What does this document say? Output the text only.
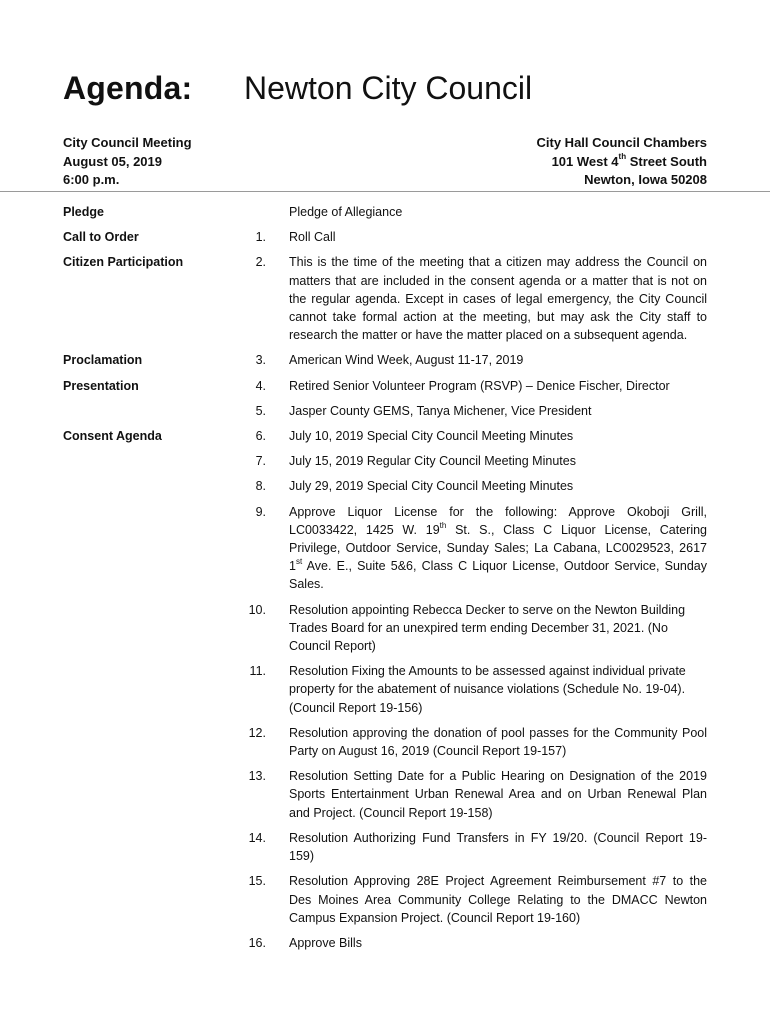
Agenda: Newton City Council
City Council Meeting
August 05, 2019
6:00 p.m.
City Hall Council Chambers
101 West 4th Street South
Newton, Iowa 50208
Pledge	Pledge of Allegiance
Call to Order	1. Roll Call
Citizen Participation	2. This is the time of the meeting that a citizen may address the Council on matters that are included in the consent agenda or a matter that is not on the regular agenda. Except in cases of legal emergency, the City Council cannot take formal action at the meeting, but may ask the City staff to research the matter or have the matter placed on a subsequent agenda.
Proclamation	3. American Wind Week, August 11-17, 2019
Presentation	4. Retired Senior Volunteer Program (RSVP) – Denice Fischer, Director
5. Jasper County GEMS, Tanya Michener, Vice President
Consent Agenda	6. July 10, 2019 Special City Council Meeting Minutes
7. July 15, 2019 Regular City Council Meeting Minutes
8. July 29, 2019 Special City Council Meeting Minutes
9. Approve Liquor License for the following: Approve Okoboji Grill, LC0033422, 1425 W. 19th St. S., Class C Liquor License, Catering Privilege, Outdoor Service, Sunday Sales; La Cabana, LC0029523, 2617 1st Ave. E., Suite 5&6, Class C Liquor License, Outdoor Service, Sunday Sales.
10. Resolution appointing Rebecca Decker to serve on the Newton Building Trades Board for an unexpired term ending December 31, 2021. (No Council Report)
11. Resolution Fixing the Amounts to be assessed against individual private property for the abatement of nuisance violations (Schedule No. 19-04). (Council Report 19-156)
12. Resolution approving the donation of pool passes for the Community Pool Party on August 16, 2019 (Council Report 19-157)
13. Resolution Setting Date for a Public Hearing on Designation of the 2019 Sports Entertainment Urban Renewal Area and on Urban Renewal Plan and Project. (Council Report 19-158)
14. Resolution Authorizing Fund Transfers in FY 19/20. (Council Report 19-159)
15. Resolution Approving 28E Project Agreement Reimbursement #7 to the Des Moines Area Community College Relating to the DMACC Newton Campus Expansion Project. (Council Report 19-160)
16. Approve Bills
